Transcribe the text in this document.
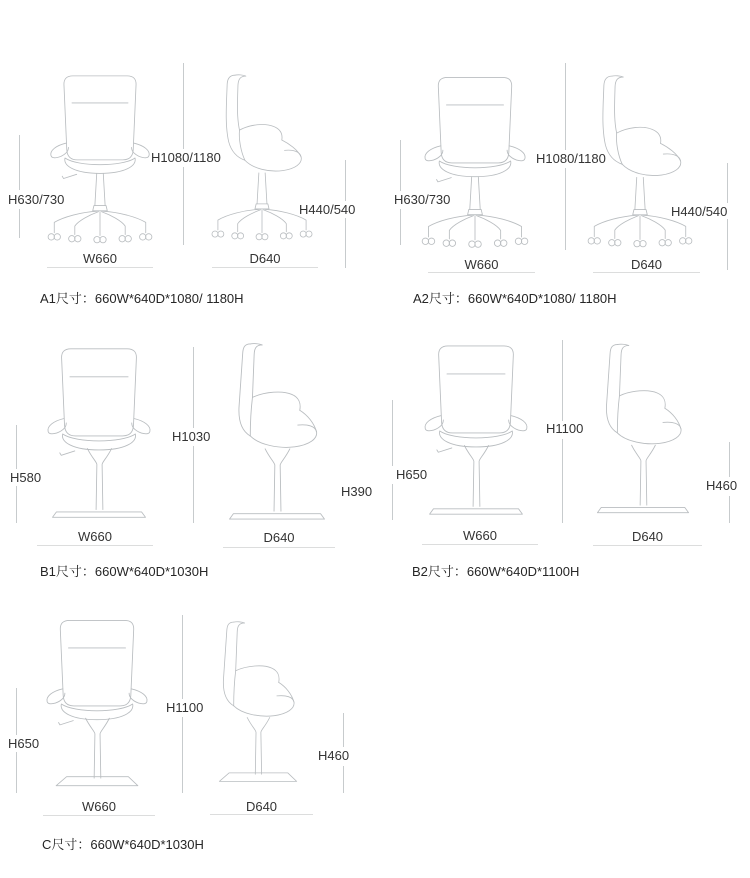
H630/730
H1080/1180
H440/540
W660	D640
A1尺寸：660W*640D*1080/ 1180H
H630/730
H1080/1180
H440/540
W660	D640
A2尺寸：660W*640D*1080/ 1180H
H580
H1030
H390
W660	D640
B1尺寸：660W*640D*1030H
H650
H1100
H460
W660	D640
B2尺寸：660W*640D*1100H
H650
H1100
H460
W660	D640
C尺寸：660W*640D*1030H
